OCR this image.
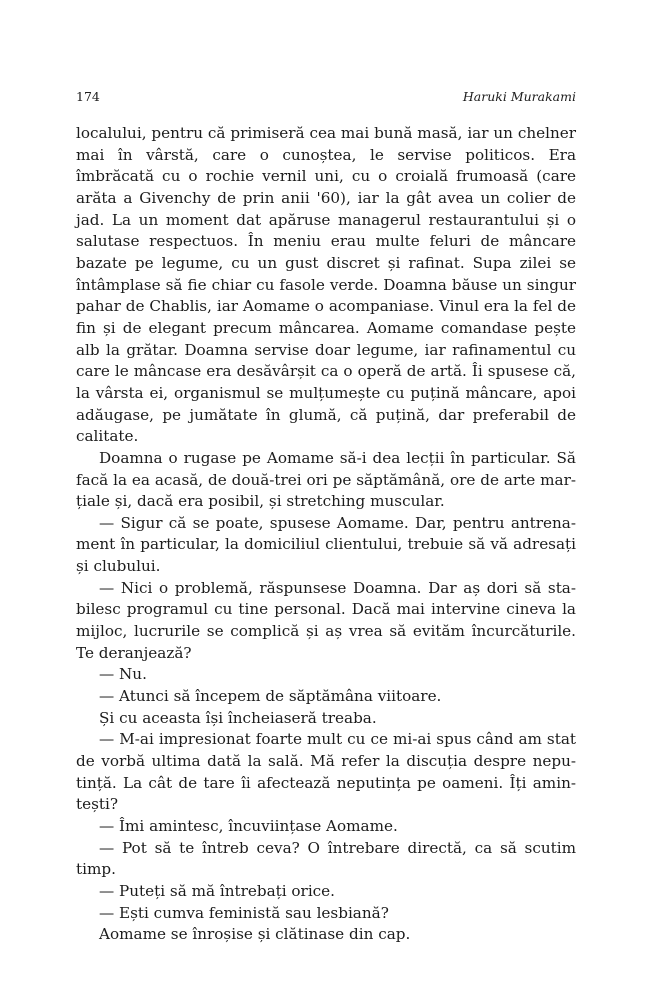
174	Haruki Murakami

localului, pentru că primiseră cea mai bună masă, iar un chelner mai în vârstă, care o cunoștea, le servise politicos. Era îmbrăcată cu o rochie vernil uni, cu o croială frumoasă (care arăta a Givenchy de prin anii '60), iar la gât avea un colier de jad. La un moment dat apăruse managerul restaurantului și o salutase respectuos. În meniu erau multe feluri de mâncare bazate pe legume, cu un gust discret și rafinat. Supa zilei se întâmplase să fie chiar cu fasole verde. Doamna băuse un singur pahar de Chablis, iar Aomame o acompaniase. Vinul era la fel de fin și de elegant precum mâncarea. Aomame comandase pește alb la grătar. Doamna servise doar legume, iar rafinamentul cu care le mâncase era desăvârșit ca o operă de artă. Îi spusese că, la vârsta ei, organismul se mulțumește cu puțină mâncare, apoi adăugase, pe jumătate în glumă, că puțină, dar preferabil de calitate.

Doamna o rugase pe Aomame să-i dea lecții în particular. Să facă la ea acasă, de două-trei ori pe săptămână, ore de arte marțiale și, dacă era posibil, și stretching muscular.

— Sigur că se poate, spusese Aomame. Dar, pentru antrenament în particular, la domiciliul clientului, trebuie să vă adresați și clubului.

— Nici o problemă, răspunsese Doamna. Dar aș dori să stabilesc programul cu tine personal. Dacă mai intervine cineva la mijloc, lucrurile se complică și aș vrea să evităm încurcăturile. Te deranjează?

— Nu.

— Atunci să începem de săptămâna viitoare.

Și cu aceasta își încheiaseră treaba.

— M-ai impresionat foarte mult cu ce mi-ai spus când am stat de vorbă ultima dată la sală. Mă refer la discuția despre neputință. La cât de tare îi afectează neputința pe oameni. Îți amintești?

— Îmi amintesc, încuviințase Aomame.

— Pot să te întreb ceva? O întrebare directă, ca să scutim timp.

— Puteți să mă întrebați orice.

— Ești cumva feministă sau lesbiană?

Aomame se înroșise și clătinase din cap.
